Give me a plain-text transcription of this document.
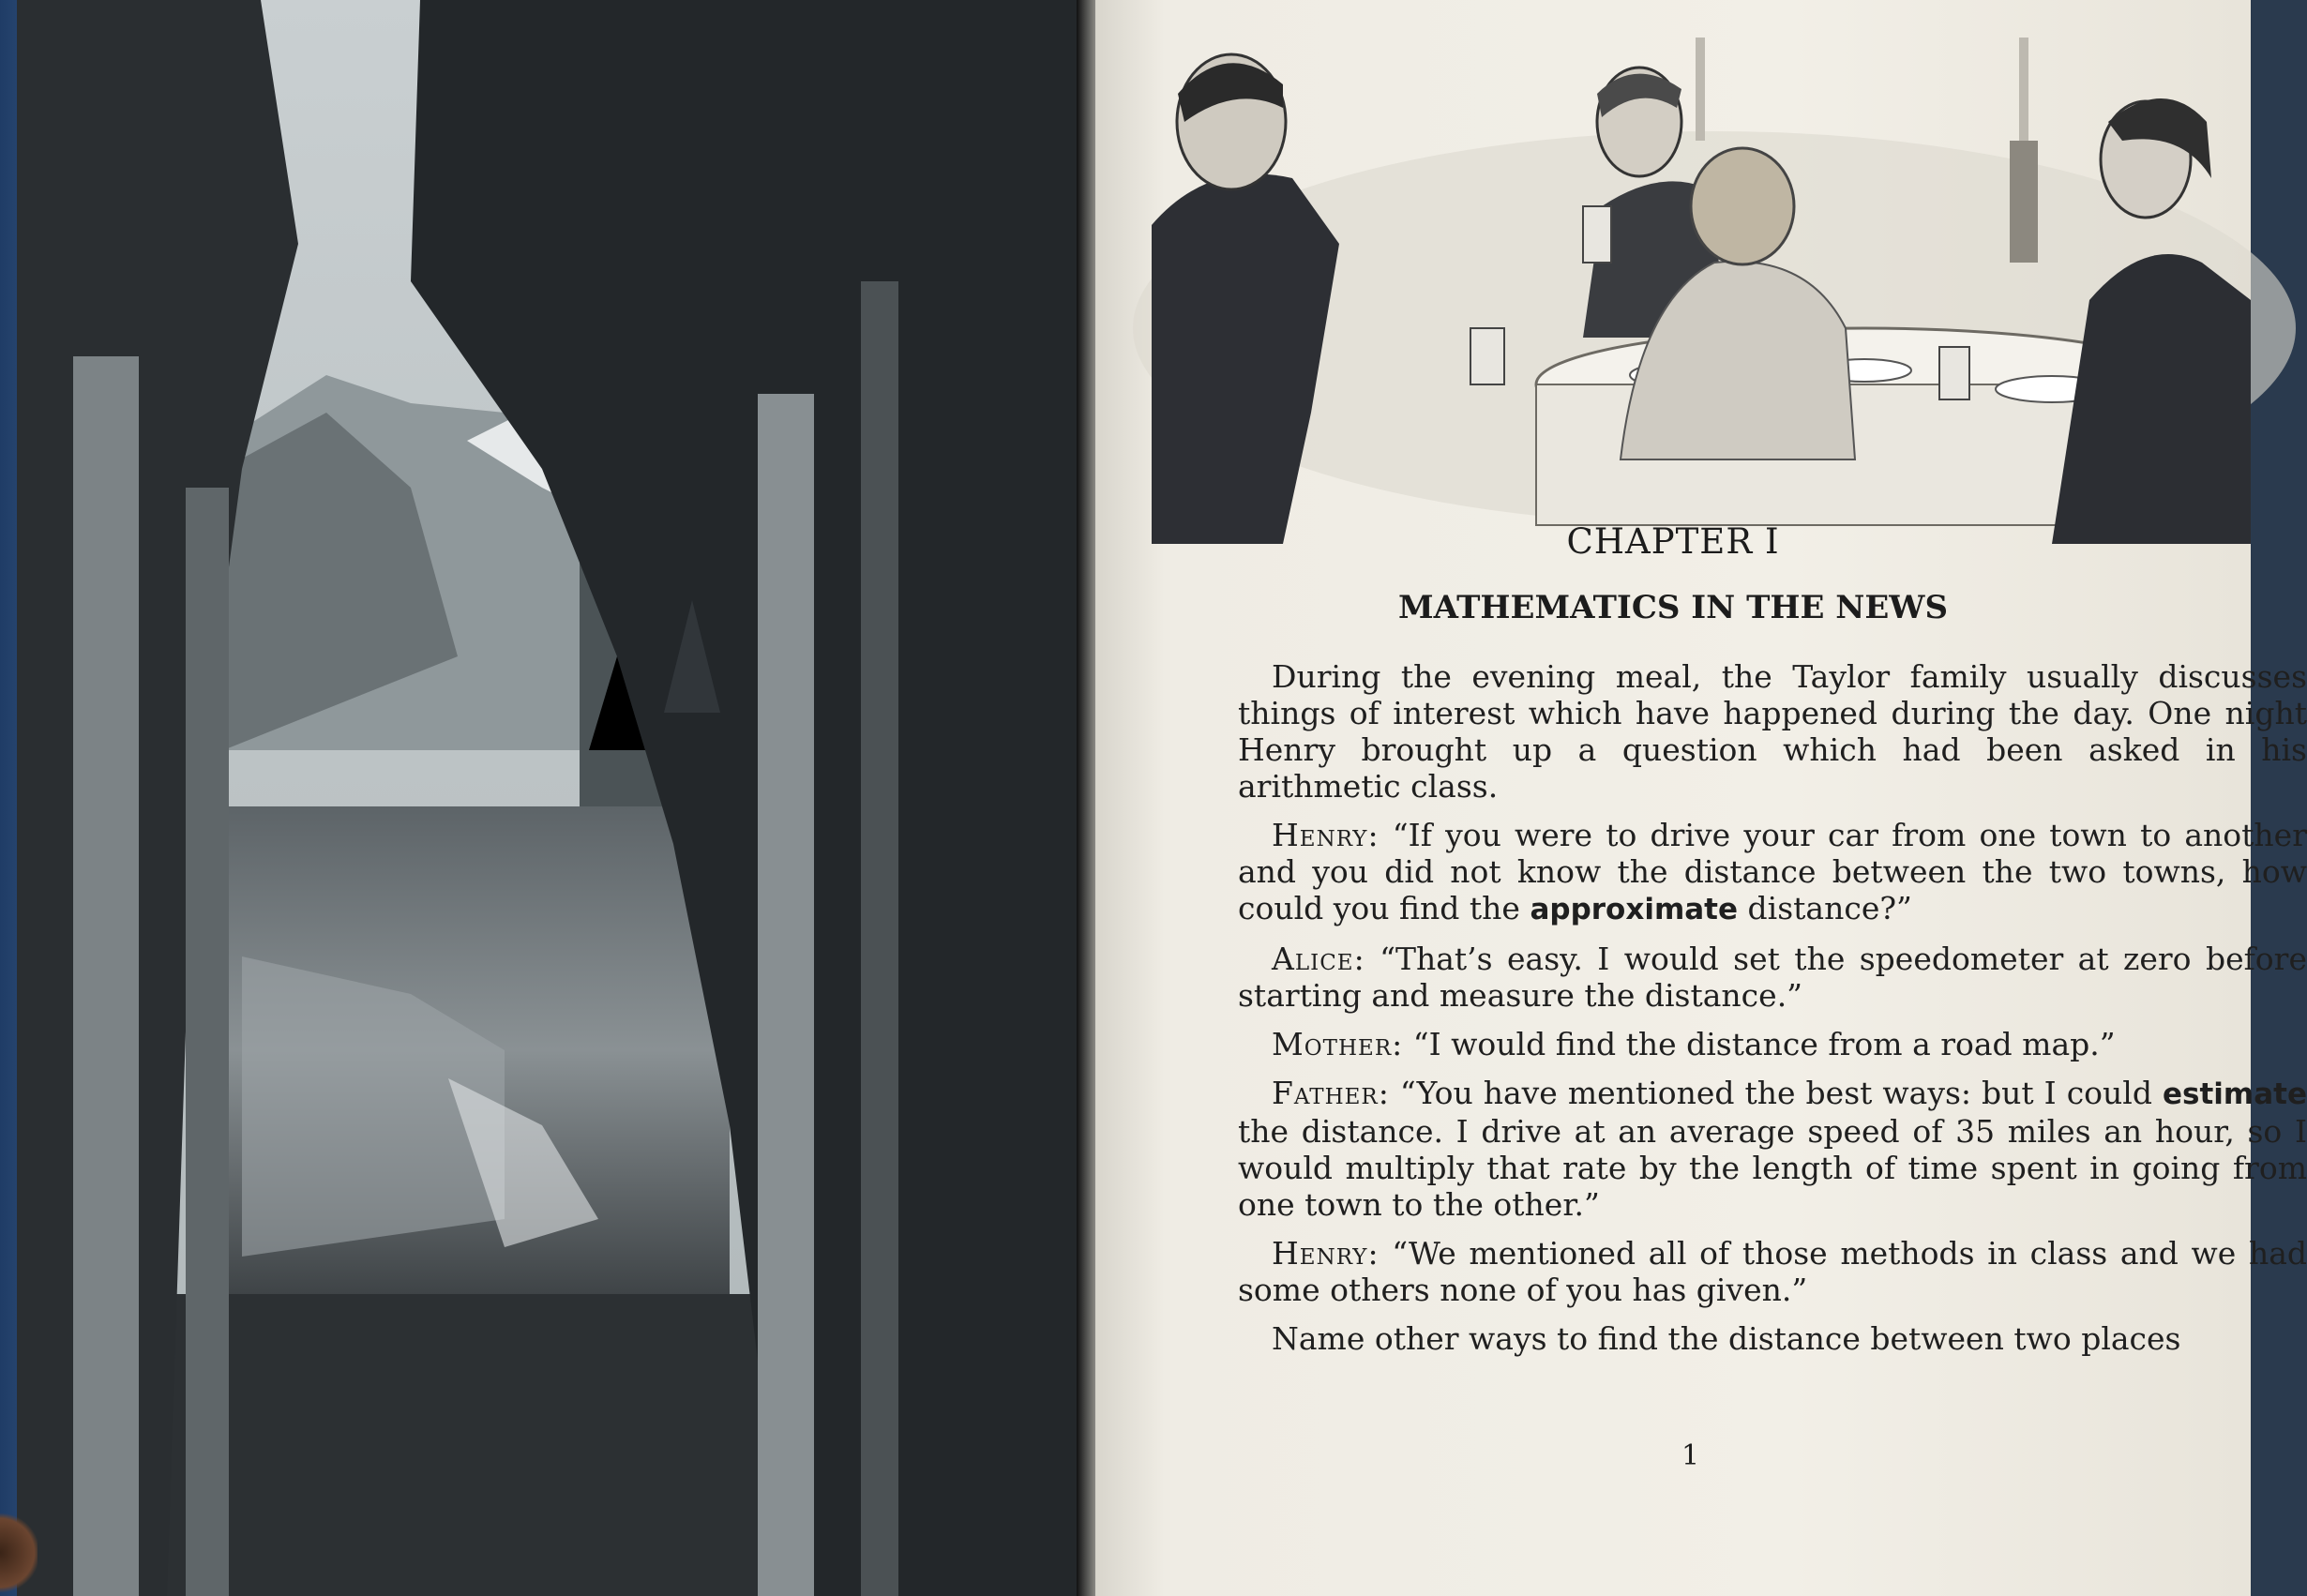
CHAPTER I
MATHEMATICS IN THE NEWS

During the evening meal, the Taylor family usually discusses things of interest which have happened during the day. One night Henry brought up a question which had been asked in his arithmetic class.

Henry: “If you were to drive your car from one town to another and you did not know the distance between the two towns, how could you find the approximate distance?”

Alice: “That’s easy. I would set the speedometer at zero before starting and measure the distance.”

Mother: “I would find the distance from a road map.”

Father: “You have mentioned the best ways: but I could estimate the distance. I drive at an average speed of 35 miles an hour, so I would multiply that rate by the length of time spent in going from one town to the other.”

Henry: “We mentioned all of those methods in class and we had some others none of you has given.”

Name other ways to find the distance between two places

1
